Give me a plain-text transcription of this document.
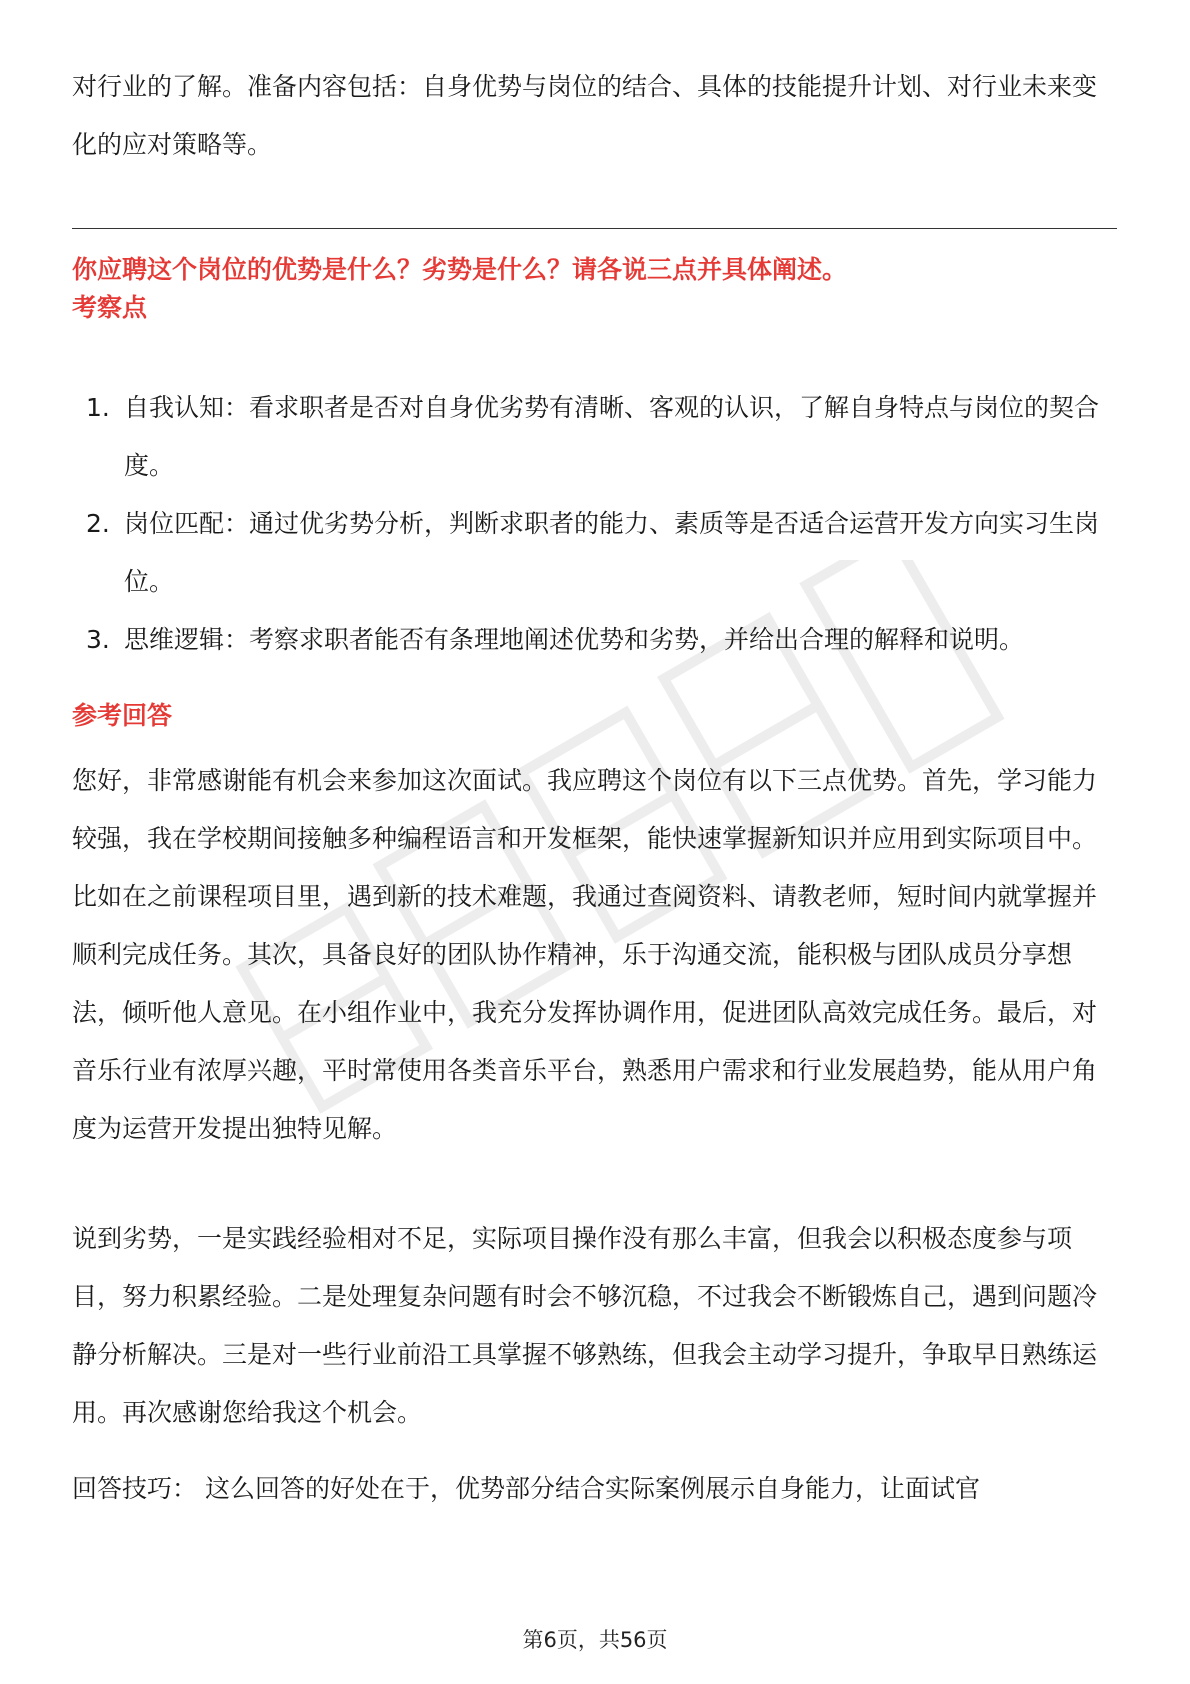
对行业的了解。准备内容包括：自身优势与岗位的结合、具体的技能提升计划、对行业未来变化的应对策略等。

你应聘这个岗位的优势是什么？劣势是什么？请各说三点并具体阐述。
考察点
1. 自我认知：看求职者是否对自身优劣势有清晰、客观的认识，了解自身特点与岗位的契合度。
2. 岗位匹配：通过优劣势分析，判断求职者的能力、素质等是否适合运营开发方向实习生岗位。
3. 思维逻辑：考察求职者能否有条理地阐述优势和劣势，并给出合理的解释和说明。
参考回答

您好，非常感谢能有机会来参加这次面试。我应聘这个岗位有以下三点优势。首先，学习能力较强，我在学校期间接触多种编程语言和开发框架，能快速掌握新知识并应用到实际项目中。比如在之前课程项目里，遇到新的技术难题，我通过查阅资料、请教老师，短时间内就掌握并顺利完成任务。其次，具备良好的团队协作精神，乐于沟通交流，能积极与团队成员分享想法，倾听他人意见。在小组作业中，我充分发挥协调作用，促进团队高效完成任务。最后，对音乐行业有浓厚兴趣，平时常使用各类音乐平台，熟悉用户需求和行业发展趋势，能从用户角度为运营开发提出独特见解。

说到劣势，一是实践经验相对不足，实际项目操作没有那么丰富，但我会以积极态度参与项目，努力积累经验。二是处理复杂问题有时会不够沉稳，不过我会不断锻炼自己，遇到问题冷静分析解决。三是对一些行业前沿工具掌握不够熟练，但我会主动学习提升，争取早日熟练运用。再次感谢您给我这个机会。

回答技巧： 这么回答的好处在于，优势部分结合实际案例展示自身能力，让面试官

第6页，共56页
